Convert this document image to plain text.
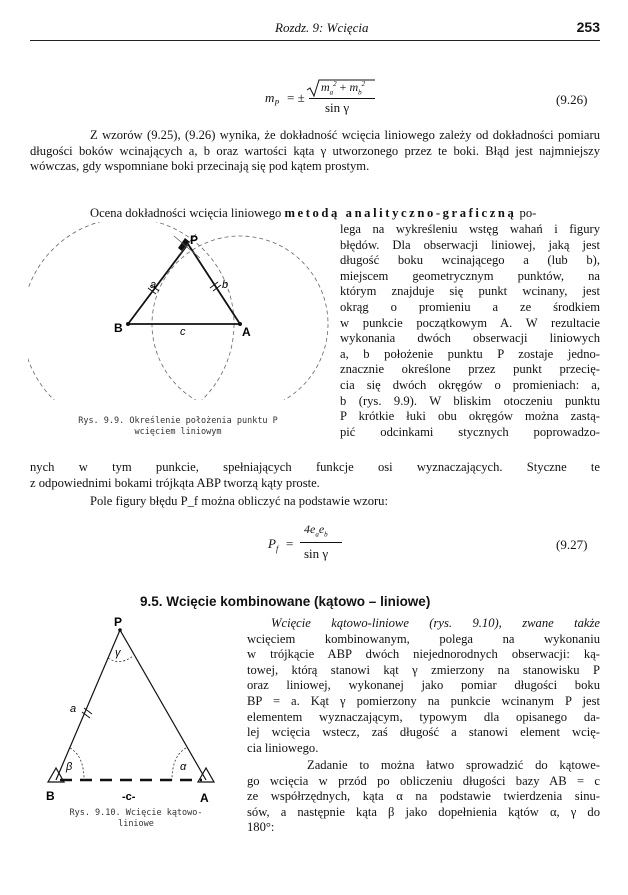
Rozdz. 9: Wcięcia	253
$m_P$ = ±
$m_a^2 + m_b^2$
sin γ
(9.26)
Z wzorów (9.25), (9.26) wynika, że dokładność wcięcia liniowego zależy od dokładności pomiaru długości boków wcinających a, b oraz wartości kąta γ utworzonego przez te boki. Błąd jest najmniejszy wówczas, gdy wspomniane boki przecinają się pod kątem prostym.
Ocena dokładności wcięcia liniowego metodą analityczno-graficzną po-
lega na wykreśleniu wstęg wahań i figury
błędów. Dla obserwacji liniowej, jaką jest
długość boku wcinającego a (lub b),
miejscem geometrycznym punktów, na
którym znajduje się punkt wcinany, jest
okrąg o promieniu a ze środkiem
w punkcie początkowym A. W rezultacie
wykonania dwóch obserwacji liniowych
a, b położenie punktu P zostaje jedno-
znacznie określone przez punkt przecię-
cia się dwóch okręgów o promieniach: a,
b (rys. 9.9). W bliskim otoczeniu punktu
P krótkie łuki obu okręgów można zastą-
pić odcinkami stycznych poprowadzo-
P
a	b
B	c	A
Rys. 9.9. Określenie położenia punktu P
wcięciem liniowym
nych w tym punkcie, spełniających funkcje osi wyznaczających. Styczne te
z odpowiednimi bokami trójkąta ABP tworzą kąty proste.
Pole figury błędu P_f można obliczyć na podstawie wzoru:
$P_f$ =
$4e_ae_b$
sin γ
(9.27)
9.5. Wcięcie kombinowane (kątowo – liniowe)
Wcięcie kątowo-liniowe (rys. 9.10), zwane także
wcięciem kombinowanym, polega na wykonaniu
w trójkącie ABP dwóch niejednorodnych obserwacji: ką-
towej, którą stanowi kąt γ zmierzony na stanowisku P
oraz liniowej, wykonanej jako pomiar długości boku
BP = a. Kąt γ pomierzony na punkcie wcinanym P jest
elementem wyznaczającym, typowym dla opisanego da-
lej wcięcia wstecz, zaś długość a stanowi element wcię-
cia liniowego.
Zadanie to można łatwo sprowadzić do kątowe-
go wcięcia w przód po obliczeniu długości bazy AB = c
ze współrzędnych, kąta α na podstawie twierdzenia sinu-
sów, a następnie kąta β jako dopełnienia kątów α, γ do
180°:
P
γ
a
β	α
B	-c-	A
Rys. 9.10. Wcięcie kątowo-
liniowe
